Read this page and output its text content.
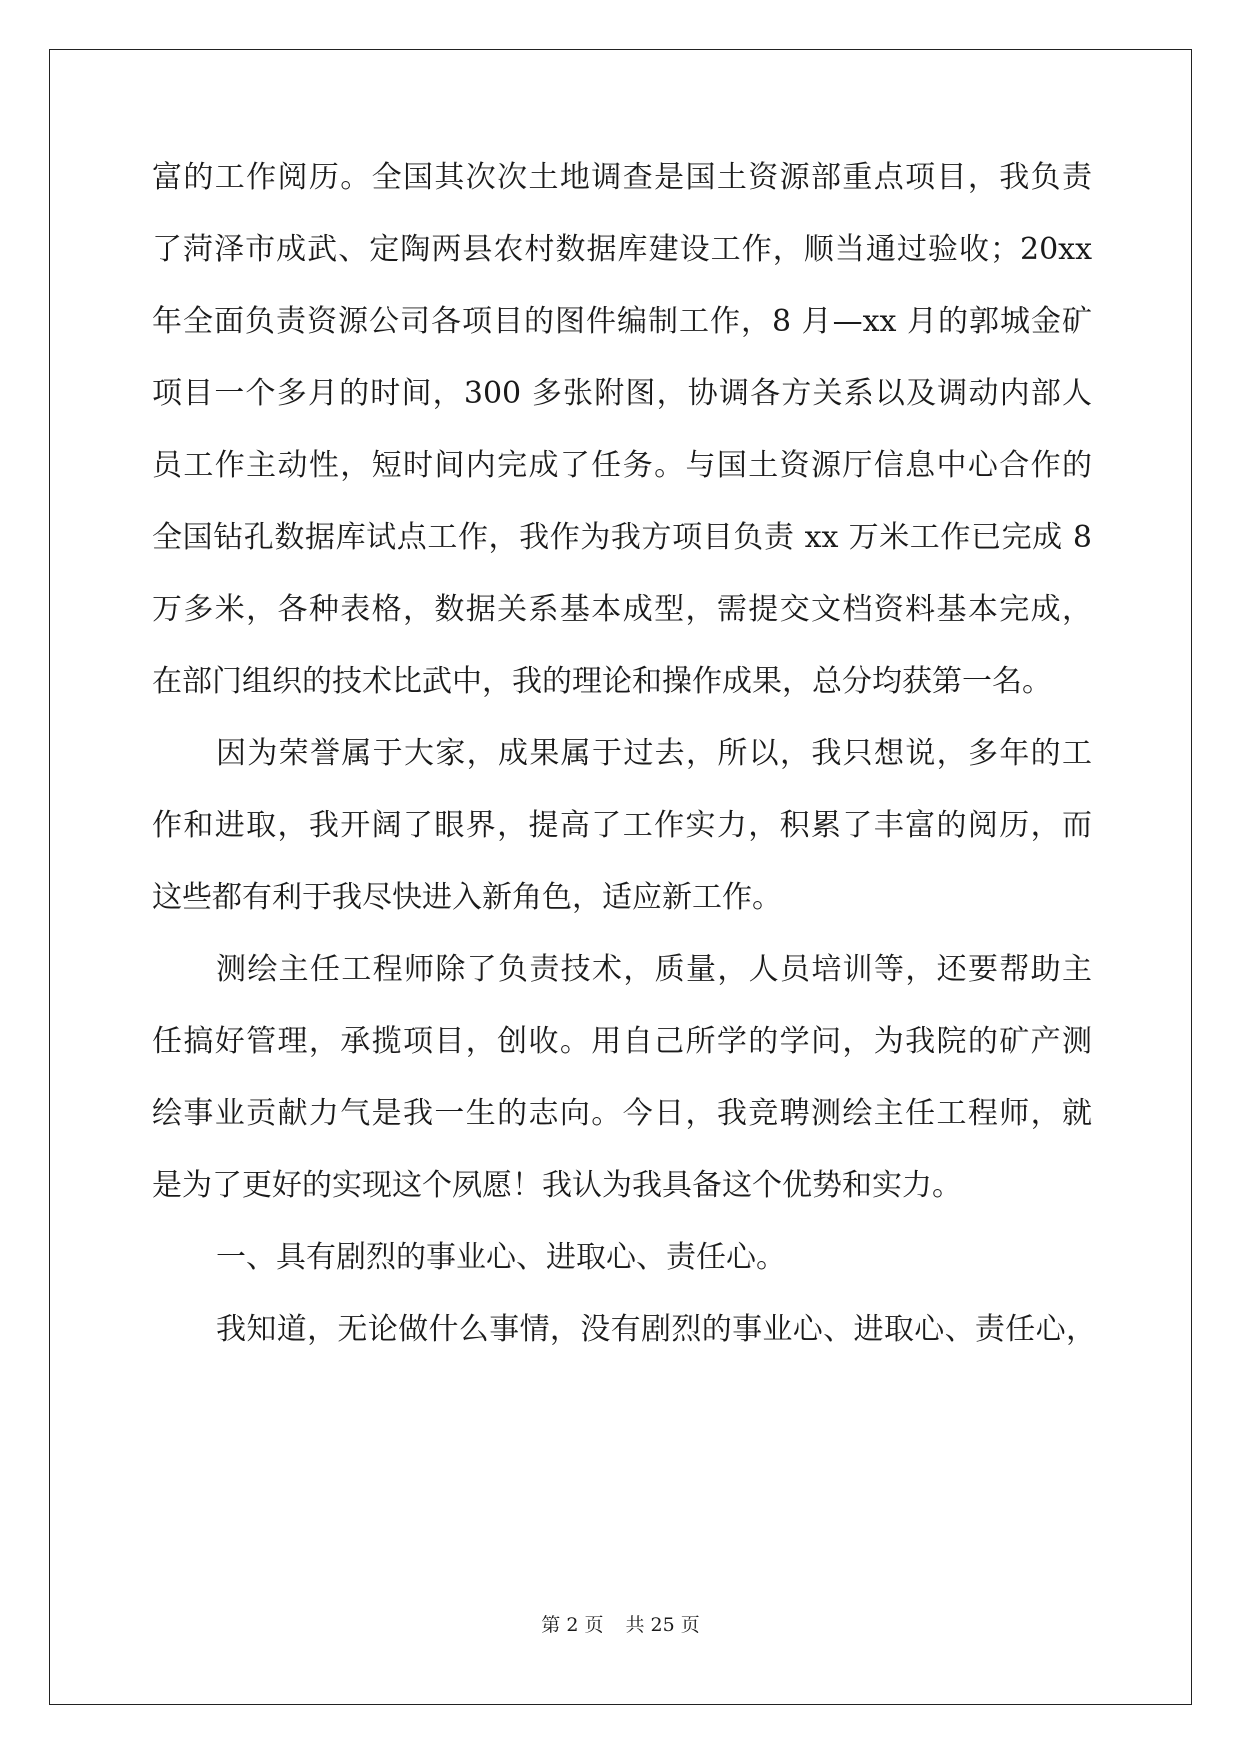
富的工作阅历。全国其次次土地调查是国土资源部重点项目，我负责
了菏泽市成武、定陶两县农村数据库建设工作，顺当通过验收；20xx
年全面负责资源公司各项目的图件编制工作，8 月—xx 月的郭城金矿
项目一个多月的时间，300 多张附图，协调各方关系以及调动内部人
员工作主动性，短时间内完成了任务。与国土资源厅信息中心合作的
全国钻孔数据库试点工作，我作为我方项目负责 xx 万米工作已完成 8
万多米，各种表格，数据关系基本成型，需提交文档资料基本完成，
在部门组织的技术比武中，我的理论和操作成果，总分均获第一名。
因为荣誉属于大家，成果属于过去，所以，我只想说，多年的工
作和进取，我开阔了眼界，提高了工作实力，积累了丰富的阅历，而
这些都有利于我尽快进入新角色，适应新工作。
测绘主任工程师除了负责技术，质量，人员培训等，还要帮助主
任搞好管理，承揽项目，创收。用自己所学的学问，为我院的矿产测
绘事业贡献力气是我一生的志向。今日，我竞聘测绘主任工程师，就
是为了更好的实现这个夙愿！我认为我具备这个优势和实力。
一、具有剧烈的事业心、进取心、责任心。
我知道，无论做什么事情，没有剧烈的事业心、进取心、责任心，
第 2 页 共 25 页
